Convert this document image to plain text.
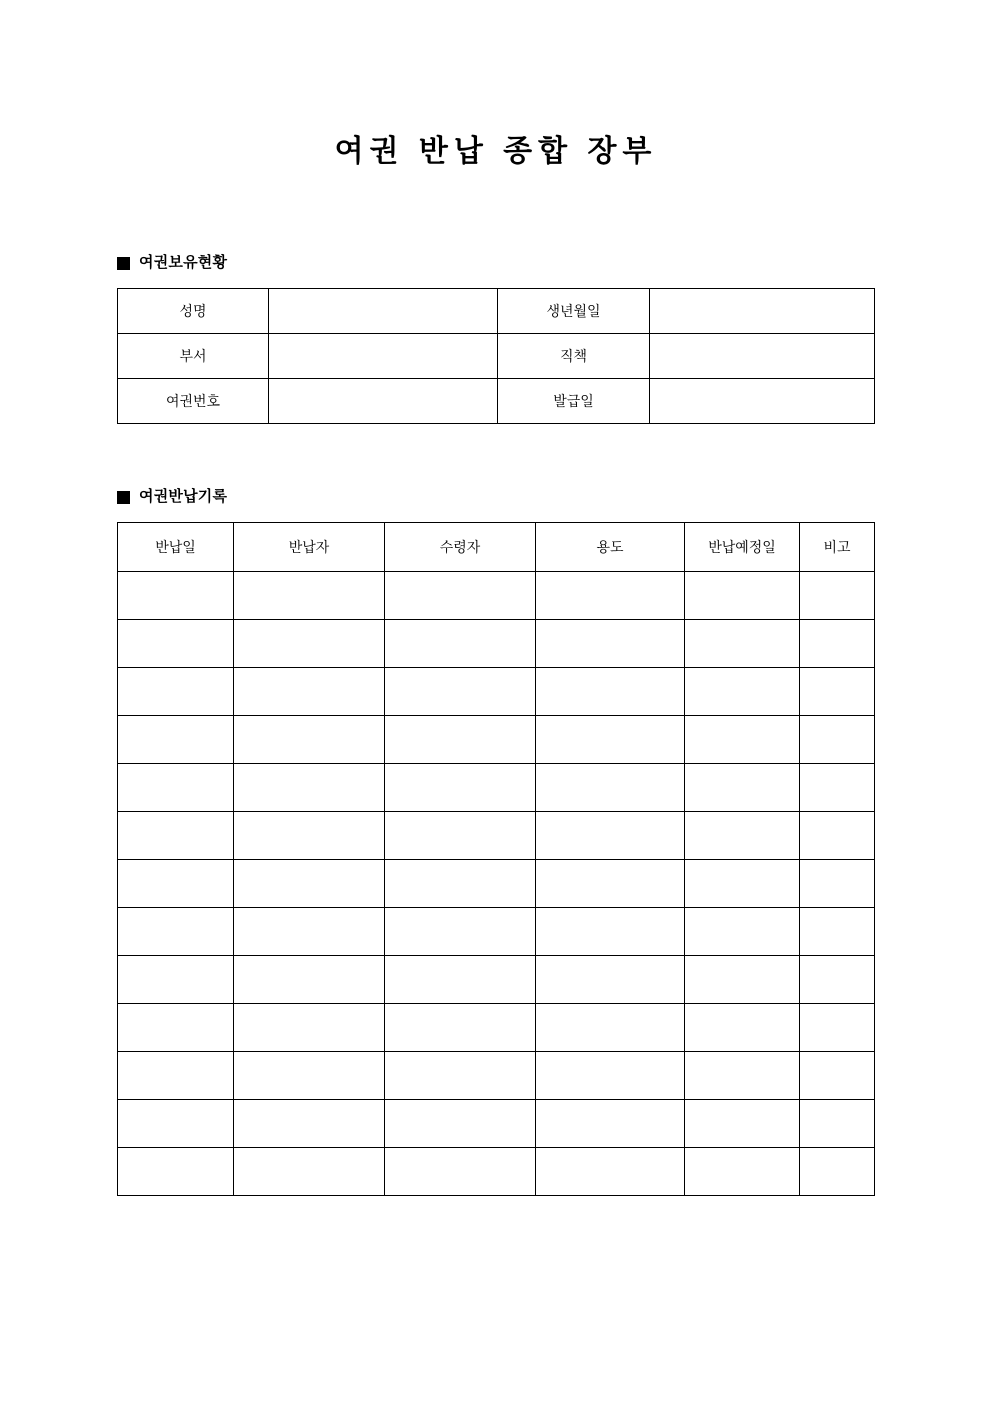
여권 반납 종합 장부
여권보유현황
성명		생년월일	
부서		직책	
여권번호		발급일	
여권반납기록
반납일	반납자	수령자	용도	반납예정일	비고
